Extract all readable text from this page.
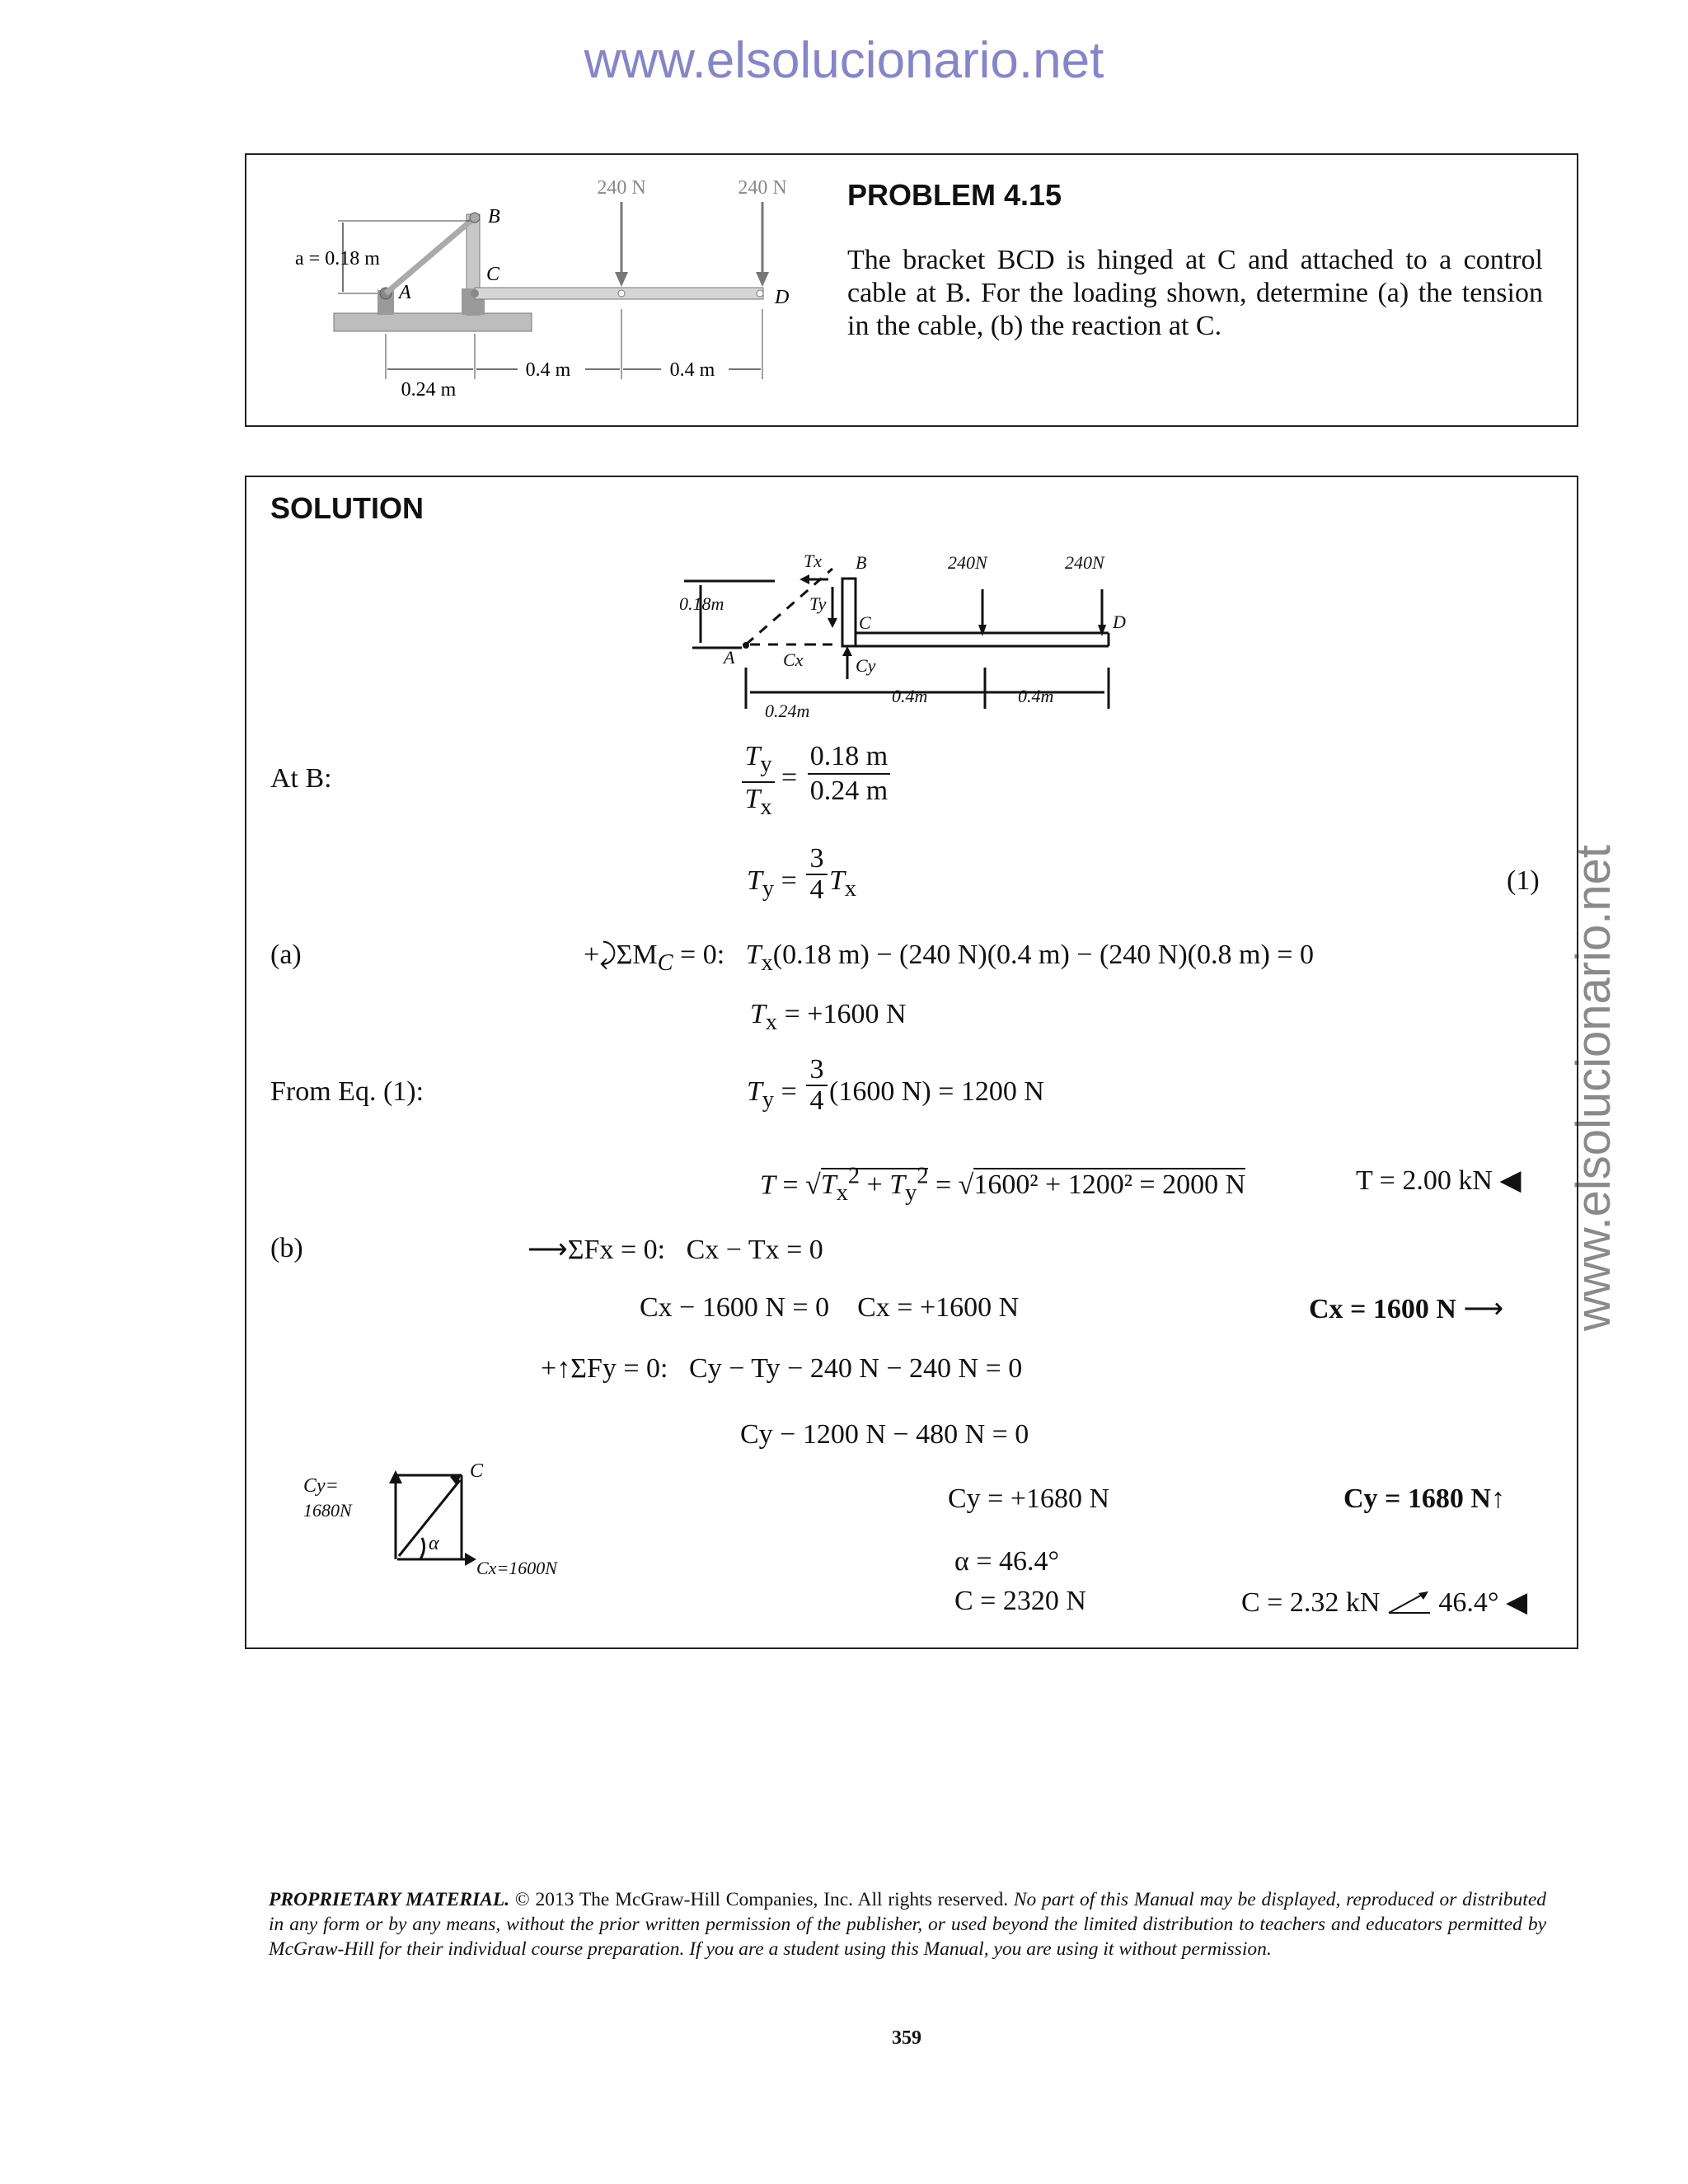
www.elsolucionario.net
www.elsolucionario.net
240 N	240 N
B
C
A	D
a = 0.18 m
0.4 m	0.4 m
0.24 m
PROBLEM 4.15
The bracket BCD is hinged at C and attached to a control cable at B. For the loading shown, determine (a) the tension in the cable, (b) the reaction at C.
SOLUTION
Tx B	240N	240N
0.18m	Ty
C	D
A	Cx	Cy
0.24m
0.4m	0.4m
At B:
$T_y$
$T_x$
=
0.18 m
0.24 m
$T_y$ =
3
4 $T_x$	(1)
(a)	$+⤸\Sigma M_C = 0$: $T_x(0.18$ m) − (240 N)(0.4 m) − (240 N)(0.8 m) = 0
$T_x = +1600$ N
From Eq. (1):	$T_y$ =
3
4 (1600 N) = 1200 N
$T = √T_x^2 + T_y^2 = √1600^2 + 1200^2 = 2000$ N	T = 2.00 kN ◀
(b)	⟶ΣFx = 0: Cx − Tx = 0
Cx − 1600 N = 0 Cx = +1600 N	Cx = 1600 N ⟶
+↑ΣFy = 0: Cy − Ty − 240 N − 240 N = 0
Cy − 1200 N − 480 N = 0
Cy = +1680 N	Cy = 1680 N↑
α = 46.4°
C = 2320 N	C = 2.32 kN 46.4° ◀
Cy=
1680N
C
Cx=1600N
α
PROPRIETARY MATERIAL. © 2013 The McGraw-Hill Companies, Inc. All rights reserved. No part of this Manual may be displayed, reproduced or distributed in any form or by any means, without the prior written permission of the publisher, or used beyond the limited distribution to teachers and educators permitted by McGraw-Hill for their individual course preparation. If you are a student using this Manual, you are using it without permission.
359
